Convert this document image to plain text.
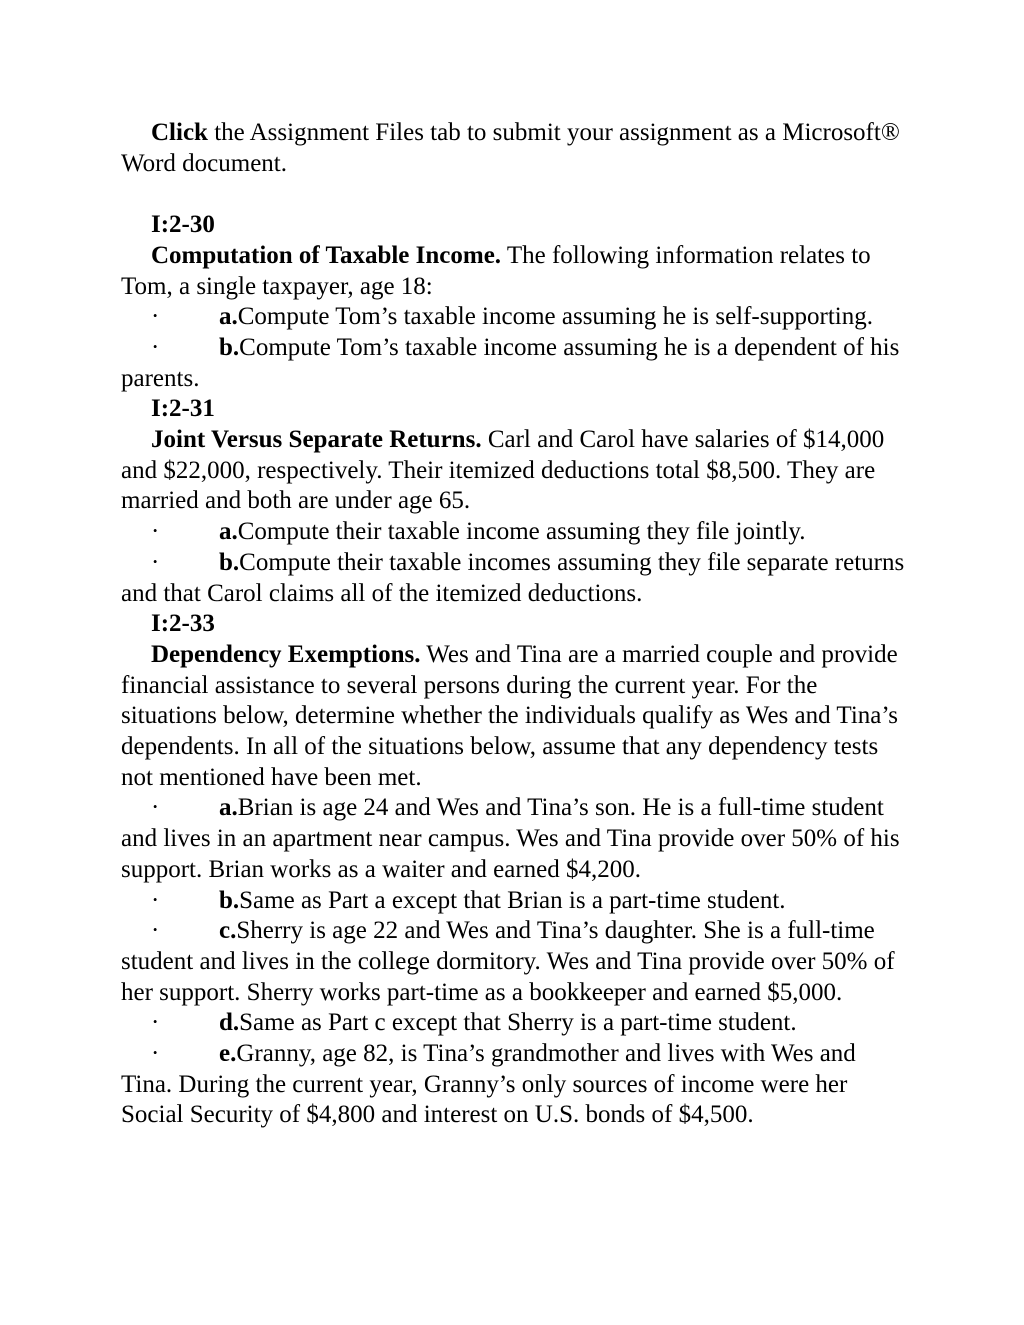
Click the Assignment Files tab to submit your assignment as a Microsoft® Word document.

I:2-30

Computation of Taxable Income. The following information relates to Tom, a single taxpayer, age 18:

· a.Compute Tom’s taxable income assuming he is self-supporting.

· b.Compute Tom’s taxable income assuming he is a dependent of his parents.

I:2-31

Joint Versus Separate Returns. Carl and Carol have salaries of $14,000 and $22,000, respectively. Their itemized deductions total $8,500. They are married and both are under age 65.

· a.Compute their taxable income assuming they file jointly.

· b.Compute their taxable incomes assuming they file separate returns and that Carol claims all of the itemized deductions.

I:2-33

Dependency Exemptions. Wes and Tina are a married couple and provide financial assistance to several persons during the current year. For the situations below, determine whether the individuals qualify as Wes and Tina’s dependents. In all of the situations below, assume that any dependency tests not mentioned have been met.

· a.Brian is age 24 and Wes and Tina’s son. He is a full-time student and lives in an apartment near campus. Wes and Tina provide over 50% of his support. Brian works as a waiter and earned $4,200.

· b.Same as Part a except that Brian is a part-time student.

· c.Sherry is age 22 and Wes and Tina’s daughter. She is a full-time student and lives in the college dormitory. Wes and Tina provide over 50% of her support. Sherry works part-time as a bookkeeper and earned $5,000.

· d.Same as Part c except that Sherry is a part-time student.

· e.Granny, age 82, is Tina’s grandmother and lives with Wes and Tina. During the current year, Granny’s only sources of income were her Social Security of $4,800 and interest on U.S. bonds of $4,500.
